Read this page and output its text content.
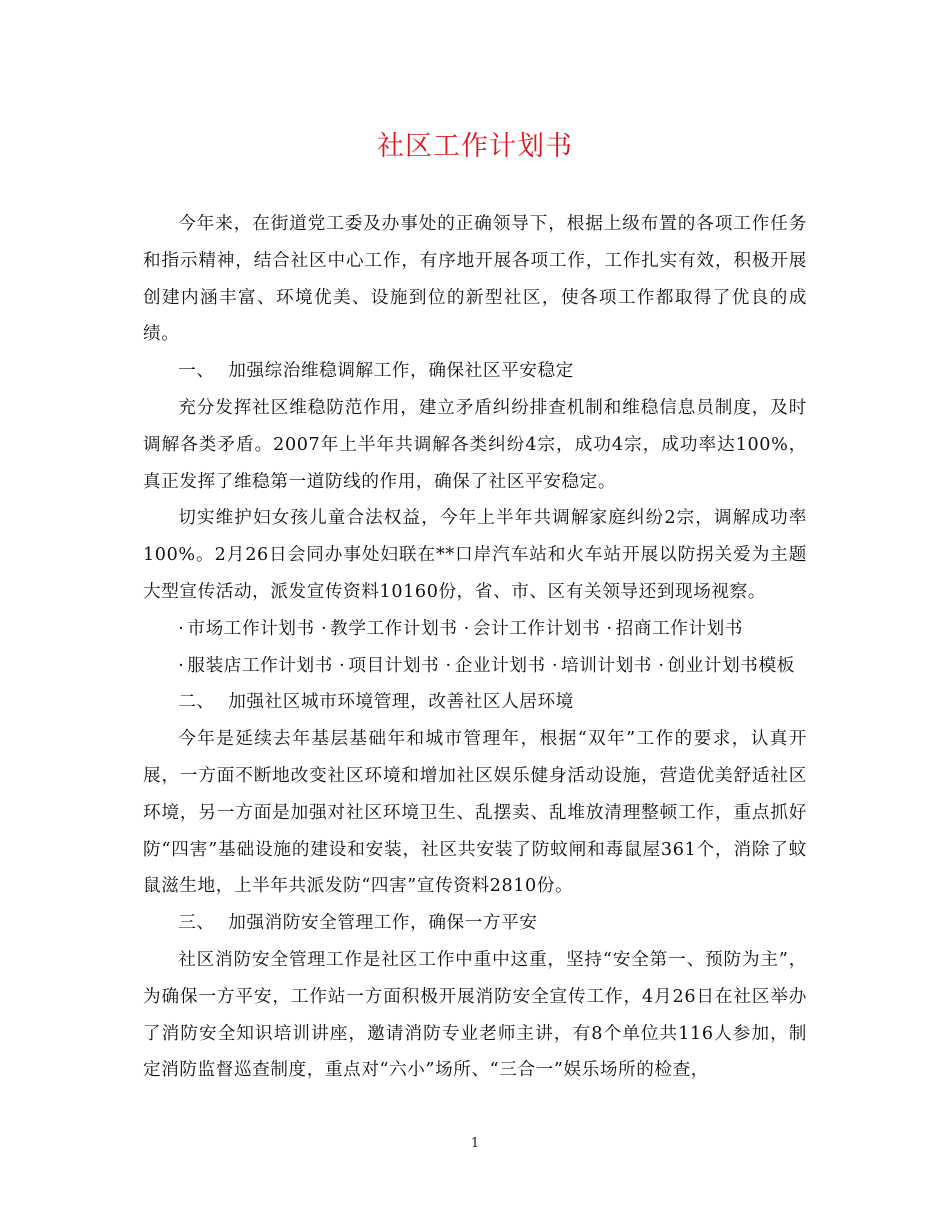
社区工作计划书

今年来，在街道党工委及办事处的正确领导下，根据上级布置的各项工作任务和指示精神，结合社区中心工作，有序地开展各项工作，工作扎实有效，积极开展创建内涵丰富、环境优美、设施到位的新型社区，使各项工作都取得了优良的成绩。

一、 加强综治维稳调解工作，确保社区平安稳定

充分发挥社区维稳防范作用，建立矛盾纠纷排查机制和维稳信息员制度，及时调解各类矛盾。2007年上半年共调解各类纠纷4宗，成功4宗，成功率达100%，真正发挥了维稳第一道防线的作用，确保了社区平安稳定。

切实维护妇女孩儿童合法权益，今年上半年共调解家庭纠纷2宗，调解成功率100%。2月26日会同办事处妇联在**口岸汽车站和火车站开展以防拐关爱为主题大型宣传活动，派发宣传资料10160份，省、市、区有关领导还到现场视察。

· 市场工作计划书 · 教学工作计划书 · 会计工作计划书 · 招商工作计划书

· 服装店工作计划书 · 项目计划书 · 企业计划书 · 培训计划书 · 创业计划书模板

二、 加强社区城市环境管理，改善社区人居环境

今年是延续去年基层基础年和城市管理年，根据“双年”工作的要求，认真开展，一方面不断地改变社区环境和增加社区娱乐健身活动设施，营造优美舒适社区环境，另一方面是加强对社区环境卫生、乱摆卖、乱堆放清理整顿工作，重点抓好防“四害”基础设施的建设和安装，社区共安装了防蚊闸和毒鼠屋361个，消除了蚊鼠滋生地，上半年共派发防“四害”宣传资料2810份。

三、 加强消防安全管理工作，确保一方平安

社区消防安全管理工作是社区工作中重中这重，坚持“安全第一、预防为主”，为确保一方平安，工作站一方面积极开展消防安全宣传工作，4月26日在社区举办了消防安全知识培训讲座，邀请消防专业老师主讲，有8个单位共116人参加，制定消防监督巡查制度，重点对“六小”场所、“三合一”娱乐场所的检查，

1
